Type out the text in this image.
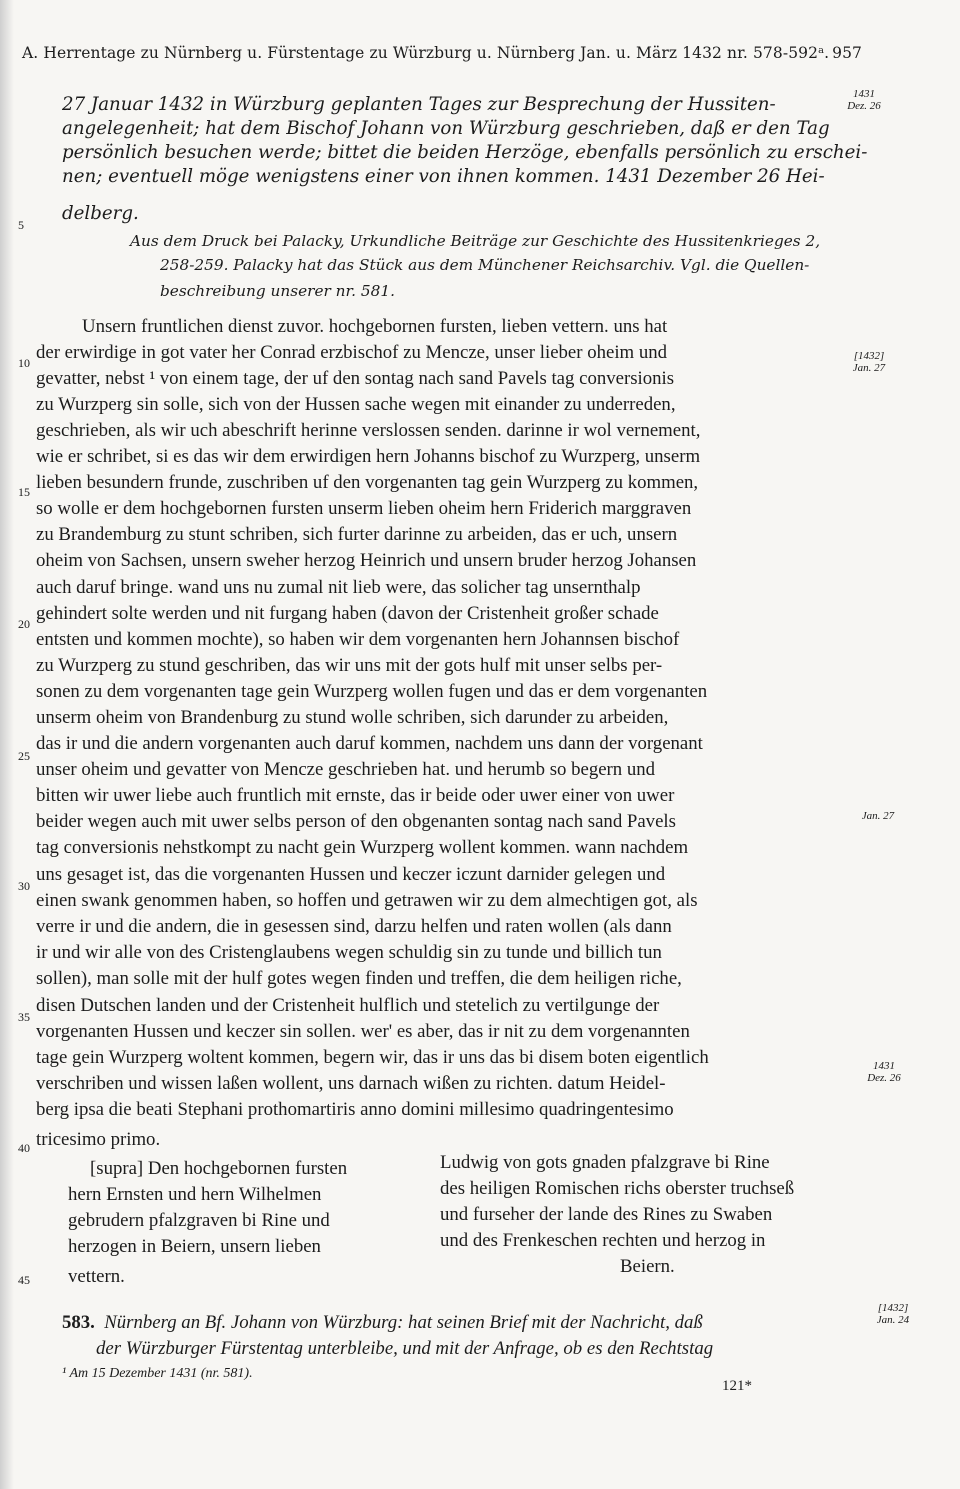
A. Herrentage zu Nürnberg u. Fürstentage zu Würzburg u. Nürnberg Jan. u. März 1432 nr. 578-592ᵃ. 957
27 Januar 1432 in Würzburg geplanten Tages zur Besprechung der Hussiten-
angelegenheit; hat dem Bischof Johann von Würzburg geschrieben, daß er den Tag
persönlich besuchen werde; bittet die beiden Herzöge, ebenfalls persönlich zu erschei-
nen; eventuell möge wenigstens einer von ihnen kommen. 1431 Dezember 26 Hei-
delberg.
1431
Dez. 26
Aus dem Druck bei Palacky, Urkundliche Beiträge zur Geschichte des Hussitenkrieges 2,
258-259. Palacky hat das Stück aus dem Münchener Reichsarchiv. Vgl. die Quellen-
beschreibung unserer nr. 581.
5
10
15
20
25
30
35
40
45
Unsern fruntlichen dienst zuvor. hochgebornen fursten, lieben vettern. uns hat
der erwirdige in got vater her Conrad erzbischof zu Mencze, unser lieber oheim und
gevatter, nebst ¹ von einem tage, der uf den sontag nach sand Pavels tag conversionis
zu Wurzperg sin solle, sich von der Hussen sache wegen mit einander zu underreden,
geschrieben, als wir uch abeschrift herinne verslossen senden. darinne ir wol vernement,
wie er schribet, si es das wir dem erwirdigen hern Johanns bischof zu Wurzperg, unserm
lieben besundern frunde, zuschriben uf den vorgenanten tag gein Wurzperg zu kommen,
so wolle er dem hochgebornen fursten unserm lieben oheim hern Friderich marggraven
zu Brandemburg zu stunt schriben, sich furter darinne zu arbeiden, das er uch, unsern
oheim von Sachsen, unsern sweher herzog Heinrich und unsern bruder herzog Johansen
auch daruf bringe. wand uns nu zumal nit lieb were, das solicher tag unsernthalp
gehindert solte werden und nit furgang haben (davon der Cristenheit großer schade
entsten und kommen mochte), so haben wir dem vorgenanten hern Johannsen bischof
zu Wurzperg zu stund geschriben, das wir uns mit der gots hulf mit unser selbs per-
sonen zu dem vorgenanten tage gein Wurzperg wollen fugen und das er dem vorgenanten
unserm oheim von Brandenburg zu stund wolle schriben, sich darunder zu arbeiden,
das ir und die andern vorgenanten auch daruf kommen, nachdem uns dann der vorgenant
unser oheim und gevatter von Mencze geschrieben hat. und herumb so begern und
bitten wir uwer liebe auch fruntlich mit ernste, das ir beide oder uwer einer von uwer
beider wegen auch mit uwer selbs person of den obgenanten sontag nach sand Pavels
tag conversionis nehstkompt zu nacht gein Wurzperg wollent kommen. wann nachdem
uns gesaget ist, das die vorgenanten Hussen und keczer iczunt darnider gelegen und
einen swank genommen haben, so hoffen und getrawen wir zu dem almechtigen got, als
verre ir und die andern, die in gesessen sind, darzu helfen und raten wollen (als dann
ir und wir alle von des Cristenglaubens wegen schuldig sin zu tunde und billich tun
sollen), man solle mit der hulf gotes wegen finden und treffen, die dem heiligen riche,
disen Dutschen landen und der Cristenheit hulflich und stetelich zu vertilgunge der
vorgenanten Hussen und keczer sin sollen. wer' es aber, das ir nit zu dem vorgenannten
tage gein Wurzperg woltent kommen, begern wir, das ir uns das bi disem boten eigentlich
verschriben und wissen laßen wollent, uns darnach wißen zu richten. datum Heidel-
berg ipsa die beati Stephani prothomartiris anno domini millesimo quadringentesimo
tricesimo primo.
[1432]
Jan. 27
Jan. 27
1431
Dez. 26
[supra] Den hochgebornen fursten
hern Ernsten und hern Wilhelmen
gebrudern pfalzgraven bi Rine und
herzogen in Beiern, unsern lieben
vettern.
Ludwig von gots gnaden pfalzgrave bi Rine
des heiligen Romischen richs oberster truchseß
und furseher der lande des Rines zu Swaben
und des Frenkeschen rechten und herzog in
Beiern.
583. Nürnberg an Bf. Johann von Würzburg: hat seinen Brief mit der Nachricht, daß
der Würzburger Fürstentag unterbleibe, und mit der Anfrage, ob es den Rechtstag
[1432]
Jan. 24
¹ Am 15 Dezember 1431 (nr. 581).
121*
